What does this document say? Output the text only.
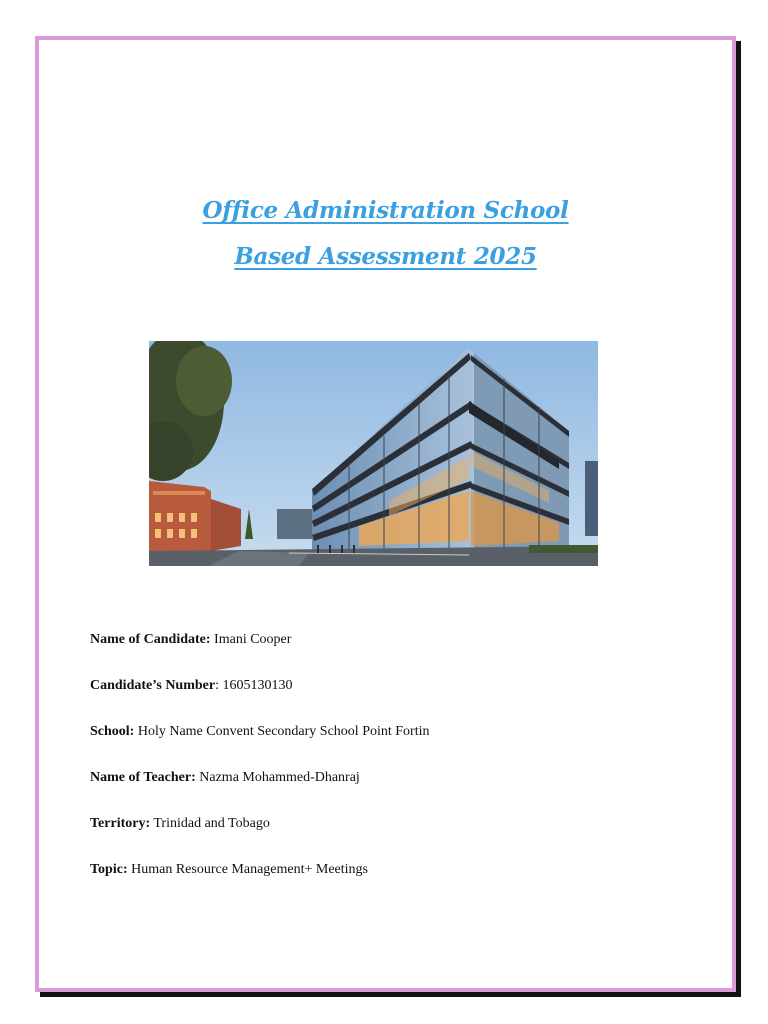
Office Administration School
Based Assessment 2025
Name of Candidate: Imani Cooper
Candidate’s Number: 1605130130
School: Holy Name Convent Secondary School Point Fortin
Name of Teacher: Nazma Mohammed-Dhanraj
Territory: Trinidad and Tobago
Topic: Human Resource Management+ Meetings
